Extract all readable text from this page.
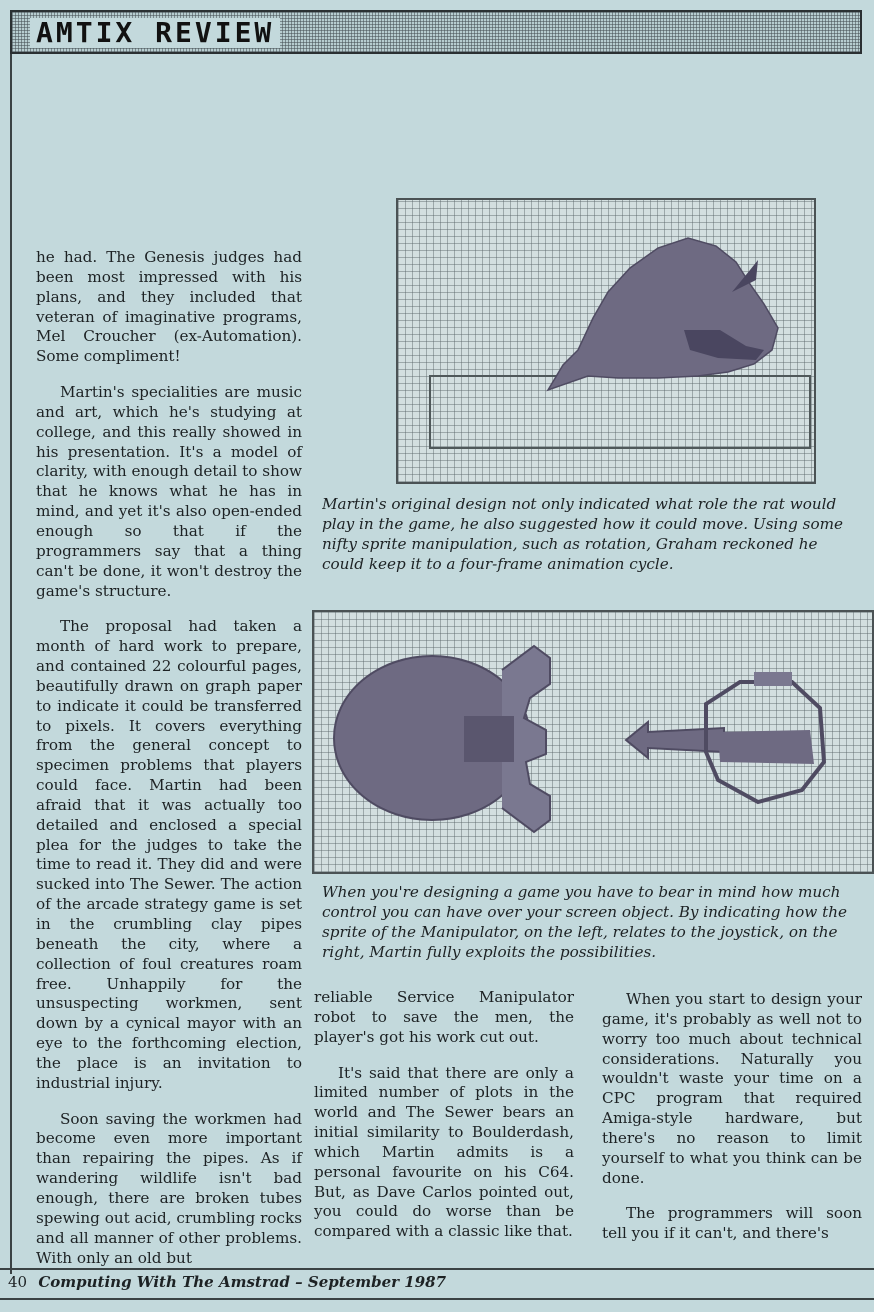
AMTIX REVIEW
Martin's original design not only indicated what role the rat would
play in the game, he also suggested how it could move. Using some
nifty sprite manipulation, such as rotation, Graham reckoned he
could keep it to a four-frame animation cycle.
When you're designing a game you have to bear in mind how much
control you can have over your screen object. By indicating how the
sprite of the Manipulator, on the left, relates to the joystick, on the
right, Martin fully exploits the possibilities.

he had. The Genesis judges had been most impressed with his plans, and they included that veteran of imaginative programs, Mel Croucher (ex-Automation). Some compliment!

Martin's specialities are music and art, which he's studying at college, and this really showed in his presentation. It's a model of clarity, with enough detail to show that he knows what he has in mind, and yet it's also open-ended enough so that if the programmers say that a thing can't be done, it won't destroy the game's structure.

The proposal had taken a month of hard work to prepare, and contained 22 colourful pages, beautifully drawn on graph paper to indicate it could be transferred to pixels. It covers everything from the general concept to specimen problems that players could face. Martin had been afraid that it was actually too detailed and enclosed a special plea for the judges to take the time to read it. They did and were sucked into The Sewer. The action of the arcade strategy game is set in the crumbling clay pipes beneath the city, where a collection of foul creatures roam free. Unhappily for the unsuspecting workmen, sent down by a cynical mayor with an eye to the forthcoming election, the place is an invitation to industrial injury.

Soon saving the workmen had become even more important than repairing the pipes. As if wandering wildlife isn't bad enough, there are broken tubes spewing out acid, crumbling rocks and all manner of other problems. With only an old but

reliable Service Manipulator robot to save the men, the player's got his work cut out.

It's said that there are only a limited number of plots in the world and The Sewer bears an initial similarity to Boulderdash, which Martin admits is a personal favourite on his C64. But, as Dave Carlos pointed out, you could do worse than be compared with a classic like that.

When you start to design your game, it's probably as well not to worry too much about technical considerations. Naturally you wouldn't waste your time on a CPC program that required Amiga-style hardware, but there's no reason to limit yourself to what you think can be done.

The programmers will soon tell you if it can't, and there's

40 Computing With The Amstrad – September 1987
